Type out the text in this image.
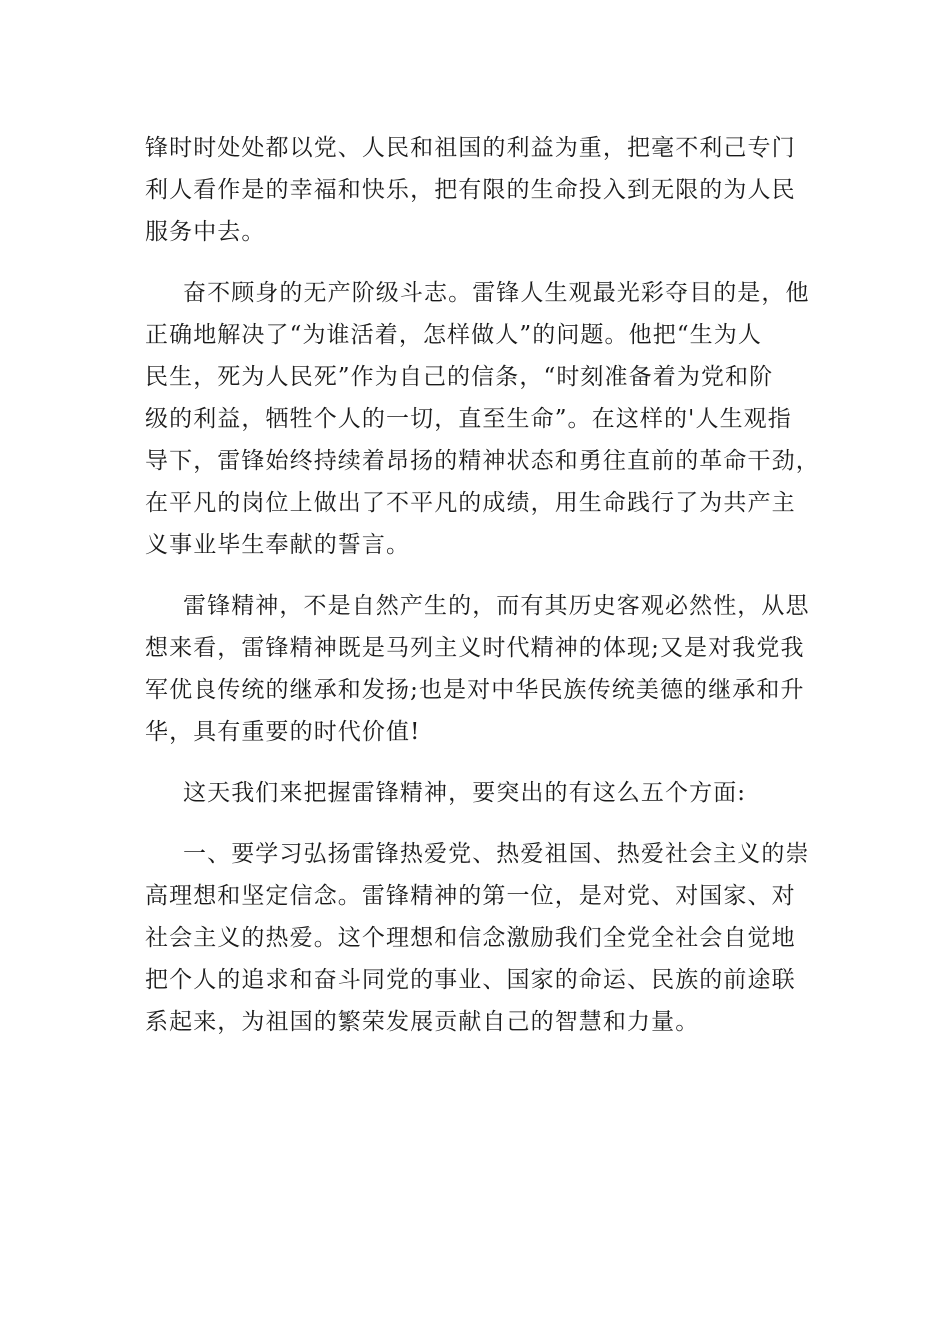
锋时时处处都以党、人民和祖国的利益为重，把毫不利己专门
利人看作是的幸福和快乐，把有限的生命投入到无限的为人民
服务中去。
奋不顾身的无产阶级斗志。雷锋人生观最光彩夺目的是，他
正确地解决了“为谁活着，怎样做人”的问题。他把“生为人
民生，死为人民死”作为自己的信条，“时刻准备着为党和阶
级的利益，牺牲个人的一切，直至生命”。在这样的'人生观指
导下，雷锋始终持续着昂扬的精神状态和勇往直前的革命干劲，
在平凡的岗位上做出了不平凡的成绩，用生命践行了为共产主
义事业毕生奉献的誓言。
雷锋精神，不是自然产生的，而有其历史客观必然性，从思
想来看，雷锋精神既是马列主义时代精神的体现;又是对我党我
军优良传统的继承和发扬;也是对中华民族传统美德的继承和升
华，具有重要的时代价值!
这天我们来把握雷锋精神，要突出的有这么五个方面:
一、要学习弘扬雷锋热爱党、热爱祖国、热爱社会主义的崇
高理想和坚定信念。雷锋精神的第一位，是对党、对国家、对
社会主义的热爱。这个理想和信念激励我们全党全社会自觉地
把个人的追求和奋斗同党的事业、国家的命运、民族的前途联
系起来，为祖国的繁荣发展贡献自己的智慧和力量。
